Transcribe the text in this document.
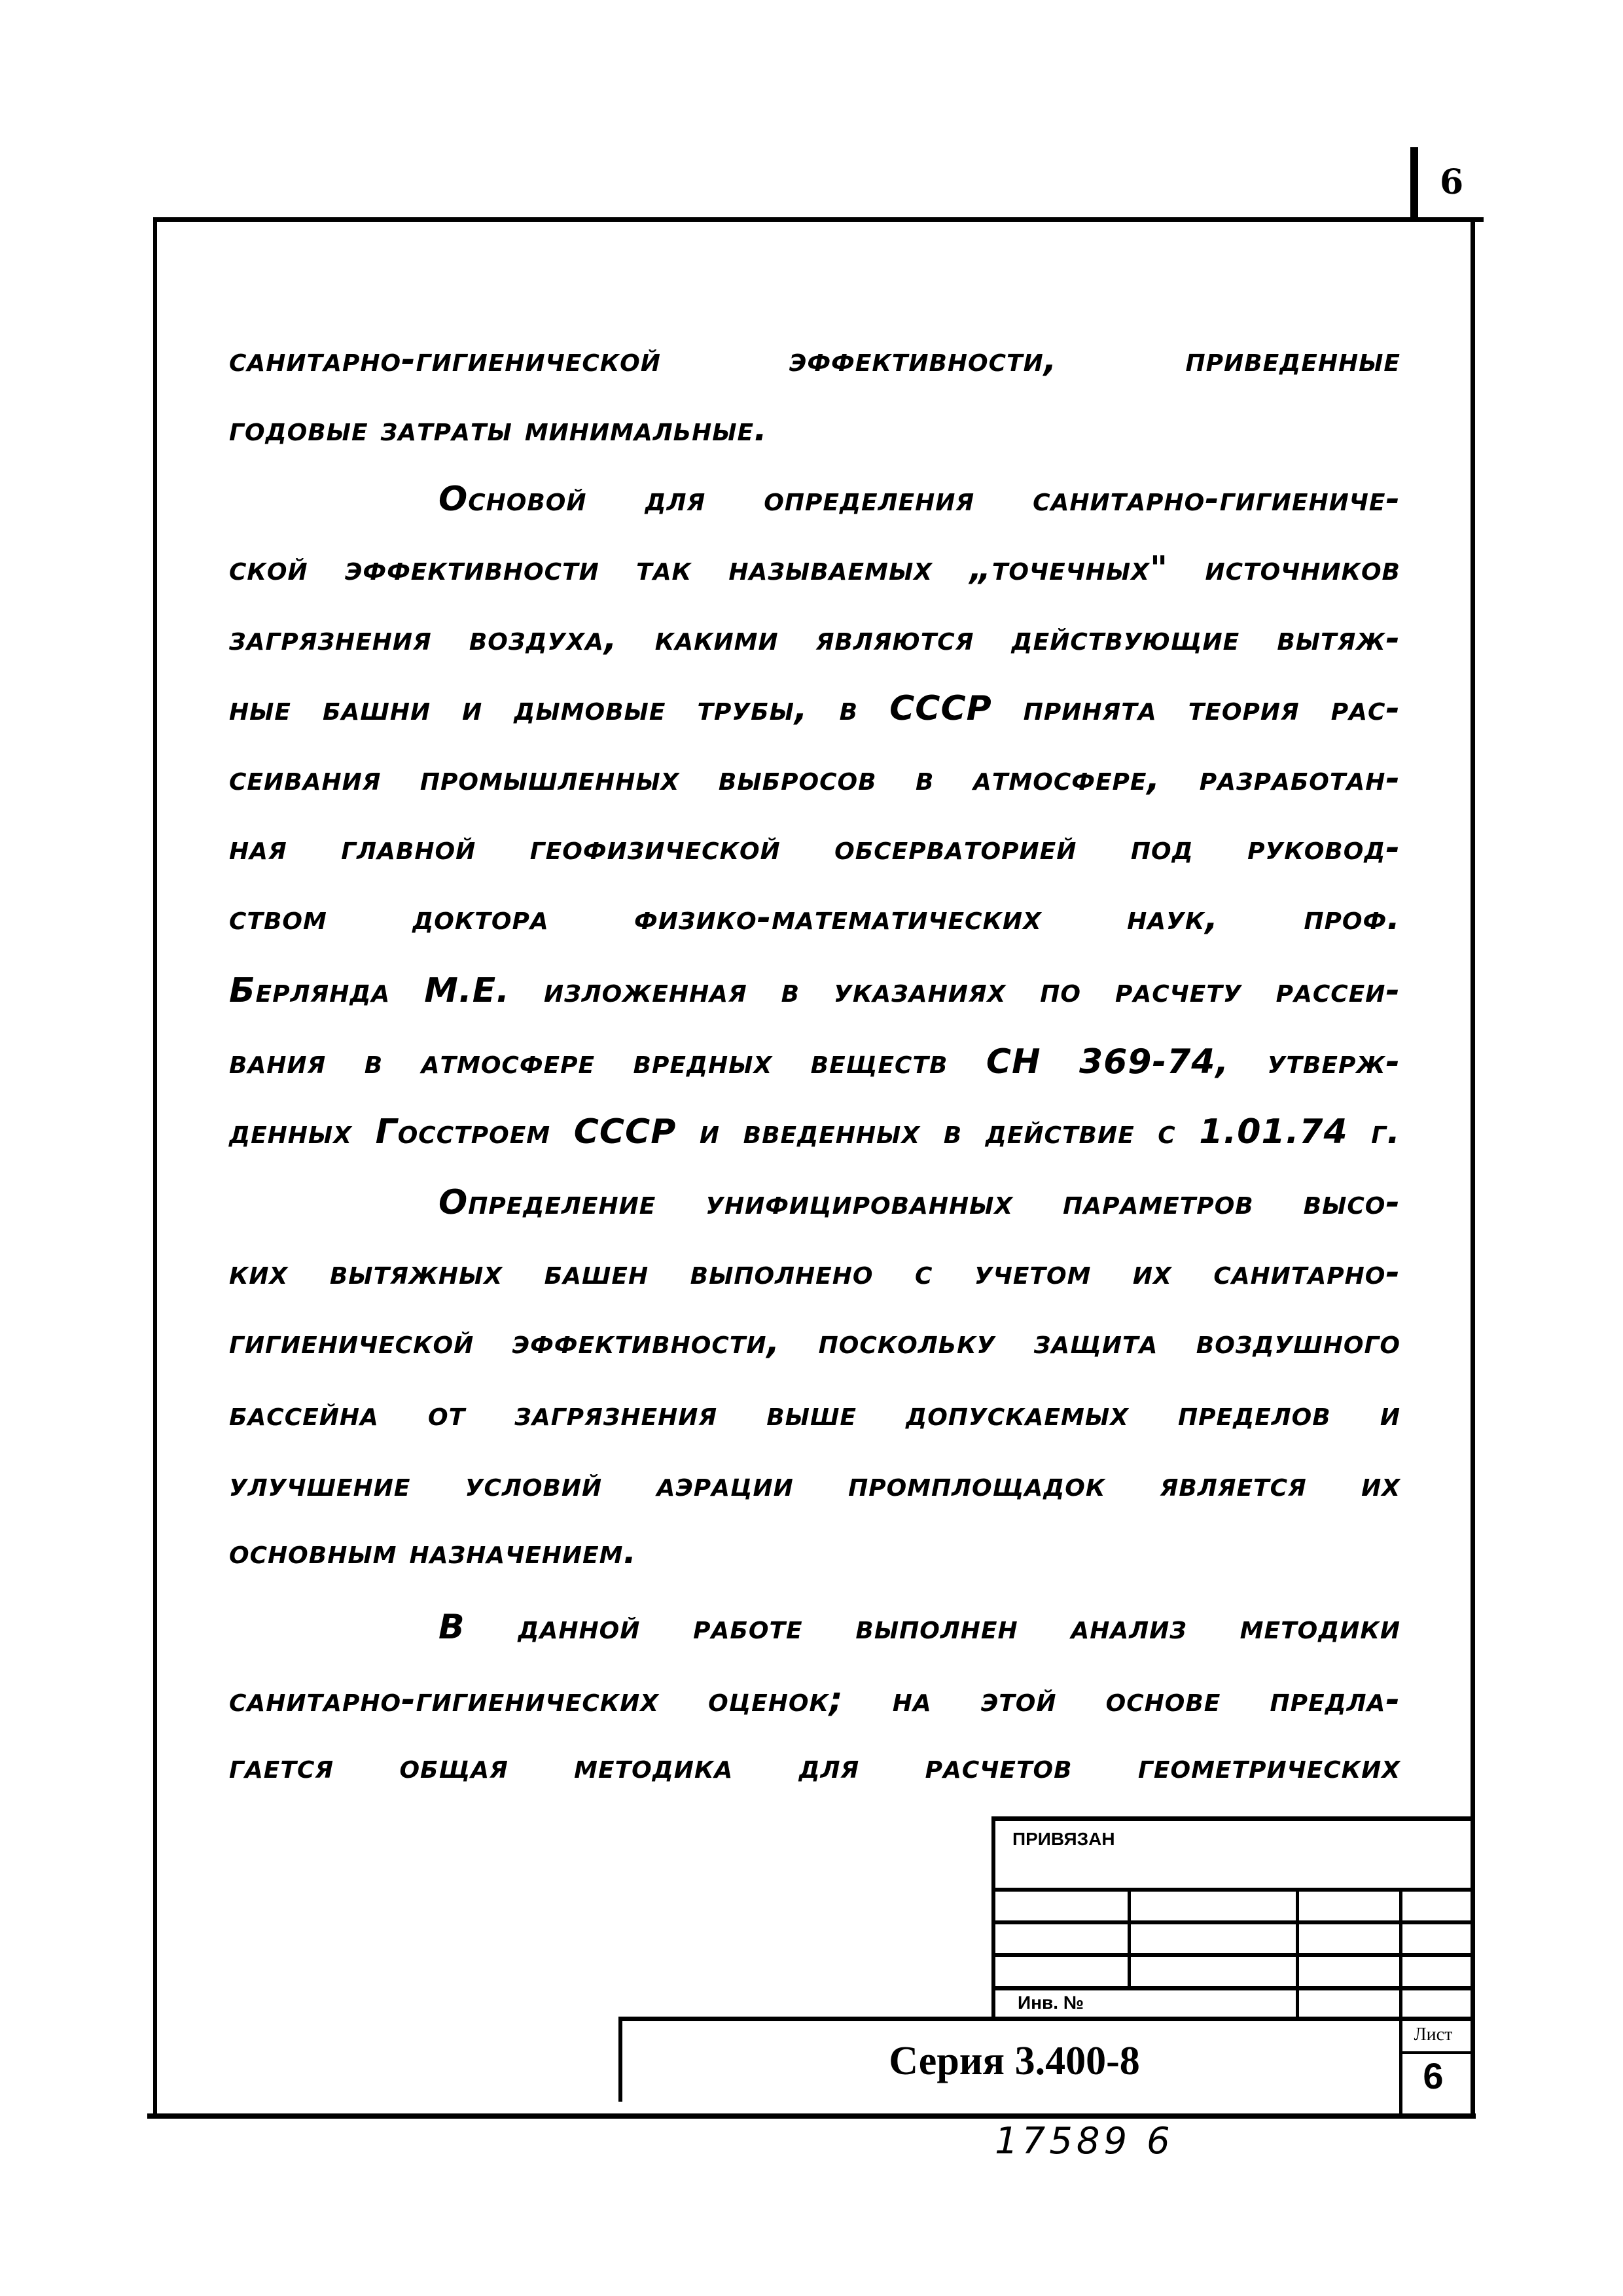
6
санитарно-гигиенической эффективности, приведенные
годовые затраты минимальные.
Основой для определения санитарно-гигиениче-
ской эффективности так называемых „точечных" источников
загрязнения воздуха, какими являются действующие вытяж-
ные башни и дымовые трубы, в СССР принята теория рас-
сеивания промышленных выбросов в атмосфере, разработан-
ная главной геофизической обсерваторией под руковод-
ством доктора физико-математических наук, проф.
Берлянда М.Е. изложенная в указаниях по расчету рассеи-
вания в атмосфере вредных веществ СН 369-74, утверж-
денных Госстроем СССР и введенных в действие с 1.01.74 г.
Определение унифицированных параметров высо-
ких вытяжных башен выполнено с учетом их санитарно-
гигиенической эффективности, поскольку защита воздушного
бассейна от загрязнения выше допускаемых пределов и
улучшение условий аэрации промплощадок является их
основным назначением.
В данной работе выполнен анализ методики
санитарно-гигиенических оценок; на этой основе предла-
гается общая методика для расчетов геометрических
ПРИВЯЗАН
Инв. №
Серия 3.400-8
Лист
6
17589 6
